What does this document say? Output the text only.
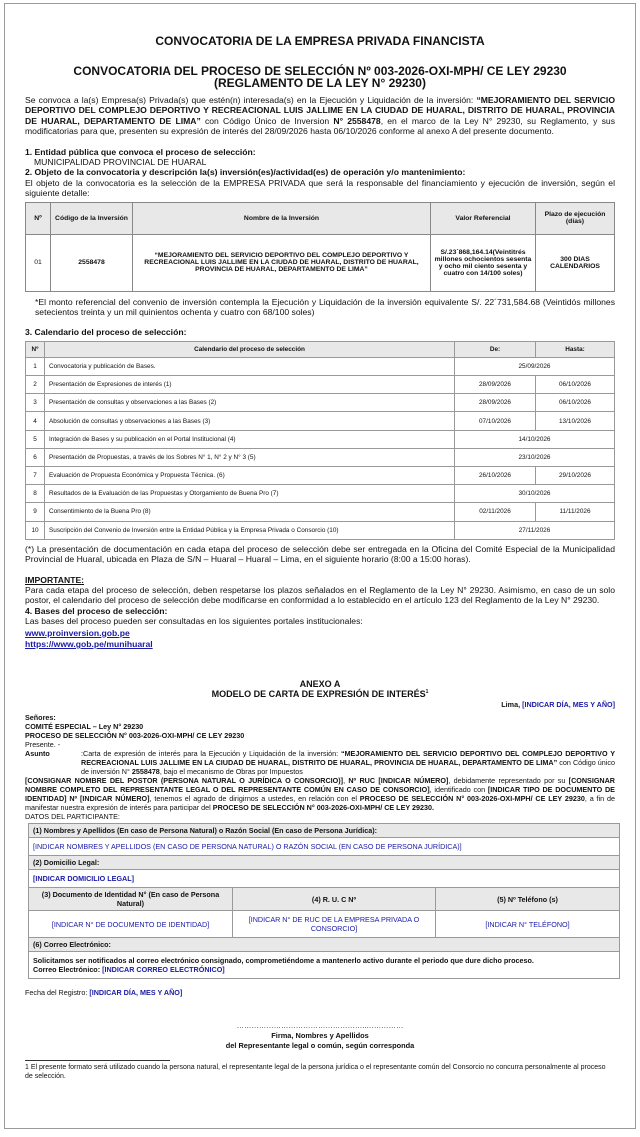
CONVOCATORIA DE LA EMPRESA PRIVADA FINANCISTA
CONVOCATORIA DEL PROCESO DE SELECCIÓN Nº 003-2026-OXI-MPH/ CE LEY 29230
(REGLAMENTO DE LA LEY N° 29230)

Se convoca a la(s) Empresa(s) Privada(s) que estén(n) interesada(s) en la Ejecución y Liquidación de la inversión: “MEJORAMIENTO DEL SERVICIO DEPORTIVO DEL COMPLEJO DEPORTIVO Y RECREACIONAL LUIS JALLIME EN LA CIUDAD DE HUARAL, DISTRITO DE HUARAL, PROVINCIA DE HUARAL, DEPARTAMENTO DE LIMA” con Código Único de Inversion N° 2558478, en el marco de la Ley N° 29230, su Reglamento, y sus modificatorias para que, presenten su expresión de interés del 28/09/2026 hasta 06/10/2026 conforme al anexo A del presente documento.

1. Entidad pública que convoca el proceso de selección:
MUNICIPALIDAD PROVINCIAL DE HUARAL
2. Objeto de la convocatoria y descripción la(s) inversión(es)/actividad(es) de operación y/o mantenimiento:

El objeto de la convocatoria es la selección de la EMPRESA PRIVADA que será la responsable del financiamiento y ejecución de inversión, según el siguiente detalle:

Nº	Código de la Inversión	Nombre de la Inversión	Valor Referencial	Plazo de ejecución (días)
01	2558478	“MEJORAMIENTO DEL SERVICIO DEPORTIVO DEL COMPLEJO DEPORTIVO Y RECREACIONAL LUIS JALLIME EN LA CIUDAD DE HUARAL, DISTRITO DE HUARAL, PROVINCIA DE HUARAL, DEPARTAMENTO DE LIMA”	S/.23´868,164.14(Veintitrés millones ochocientos sesenta y ocho mil ciento sesenta y cuatro con 14/100 soles)	300 DIAS CALENDARIOS

*El monto referencial del convenio de inversión contempla la Ejecución y Liquidación de la inversión equivalente S/. 22´731,584.68 (Veintidós millones setecientos treinta y un mil quinientos ochenta y cuatro con 68/100 soles)

3. Calendario del proceso de selección:
Nº	Calendario del proceso de selección	De:	Hasta:
1	Convocatoria y publicación de Bases.	25/09/2026	
2	Presentación de Expresiones de interés (1)	28/09/2026	06/10/2026
3	Presentación de consultas y observaciones a las Bases (2)	28/09/2026	06/10/2026
4	Absolución de consultas y observaciones a las Bases (3)	07/10/2026	13/10/2026
5	Integración de Bases y su publicación en el Portal Institucional (4)	14/10/2026	
6	Presentación de Propuestas, a través de los Sobres N° 1, N° 2 y N° 3 (5)	23/10/2026	
7	Evaluación de Propuesta Económica y Propuesta Técnica. (6)	26/10/2026	29/10/2026
8	Resultados de la Evaluación de las Propuestas y Otorgamiento de Buena Pro (7)	30/10/2026	
9	Consentimiento de la Buena Pro (8)	02/11/2026	11/11/2026
10	Suscripción del Convenio de Inversión entre la Entidad Pública y la Empresa Privada o Consorcio (10)	27/11/2026	

(*) La presentación de documentación en cada etapa del proceso de selección debe ser entregada en la Oficina del Comité Especial de la Municipalidad Provincial de Huaral, ubicada en Plaza de S/N – Huaral – Huaral – Lima, en el siguiente horario (8:00 a 15:00 horas).

IMPORTANTE:

Para cada etapa del proceso de selección, deben respetarse los plazos señalados en el Reglamento de la Ley N° 29230. Asimismo, en caso de un solo postor, el calendario del proceso de selección debe modificarse en conformidad a lo establecido en el artículo 123 del Reglamento de la Ley N° 29230.

4. Bases del proceso de selección:

Las bases del proceso pueden ser consultadas en los siguientes portales institucionales:

www.proinversion.gob.pe
https://www.gob.pe/munihuaral
ANEXO A
MODELO DE CARTA DE EXPRESIÓN DE INTERÉS$^1$
Lima, [INDICAR DÍA, MES Y AÑO]
Señores:
COMITÉ ESPECIAL – Ley N° 29230
PROCESO DE SELECCIÓN N° 003-2026-OXI-MPH/ CE LEY 29230
Presente. -
Asunto	:Carta de expresión de interés para la Ejecución y Liquidación de la inversión: “MEJORAMIENTO DEL SERVICIO DEPORTIVO DEL COMPLEJO DEPORTIVO Y RECREACIONAL LUIS JALLIME EN LA CIUDAD DE HUARAL, DISTRITO DE HUARAL, PROVINCIA DE HUARAL, DEPARTAMENTO DE LIMA” con Código único de inversión N° 2558478, bajo el mecanismo de Obras por Impuestos

[CONSIGNAR NOMBRE DEL POSTOR (PERSONA NATURAL O JURÍDICA O CONSORCIO)], Nº RUC [INDICAR NÚMERO], debidamente representado por su [CONSIGNAR NOMBRE COMPLETO DEL REPRESENTANTE LEGAL O DEL REPRESENTANTE COMÚN EN CASO DE CONSORCIO], identificado con [INDICAR TIPO DE DOCUMENTO DE IDENTIDAD] Nº [INDICAR NÚMERO], tenemos el agrado de dirigirnos a ustedes, en relación con el PROCESO DE SELECCIÓN N° 003-2026-OXI-MPH/ CE LEY 29230, a fin de manifestar nuestra expresión de interés para participar del PROCESO DE SELECCIÓN N° 003-2026-OXI-MPH/ CE LEY 29230.

DATOS DEL PARTICIPANTE:
(1) Nombres y Apellidos (En caso de Persona Natural) o Razón Social (En caso de Persona Jurídica):		
[INDICAR NOMBRES Y APELLIDOS (EN CASO DE PERSONA NATURAL) O RAZÓN SOCIAL (EN CASO DE PERSONA JURÍDICA)]		
(2) Domicilio Legal:		
[INDICAR DOMICILIO LEGAL]		
(3) Documento de Identidad N° (En caso de Persona Natural)	(4) R. U. C Nº	(5) Nº Teléfono (s)
[INDICAR N° DE DOCUMENTO DE IDENTIDAD]	[INDICAR N° DE RUC DE LA EMPRESA PRIVADA O CONSORCIO]	[INDICAR N° TELÉFONO]
(6) Correo Electrónico:		

Solicitamos ser notificados al correo electrónico consignado, comprometiéndome a mantenerlo activo durante el periodo que dure dicho proceso.
Correo Electrónico: [INDICAR CORREO ELECTRÓNICO]		
Fecha del Registro: [INDICAR DÍA, MES Y AÑO]
……………………………………………..……………
Firma, Nombres y Apellidos
del Representante legal o común, según corresponda

1 El presente formato será utilizado cuando la persona natural, el representante legal de la persona jurídica o el representante común del Consorcio no concurra personalmente al proceso de selección.
